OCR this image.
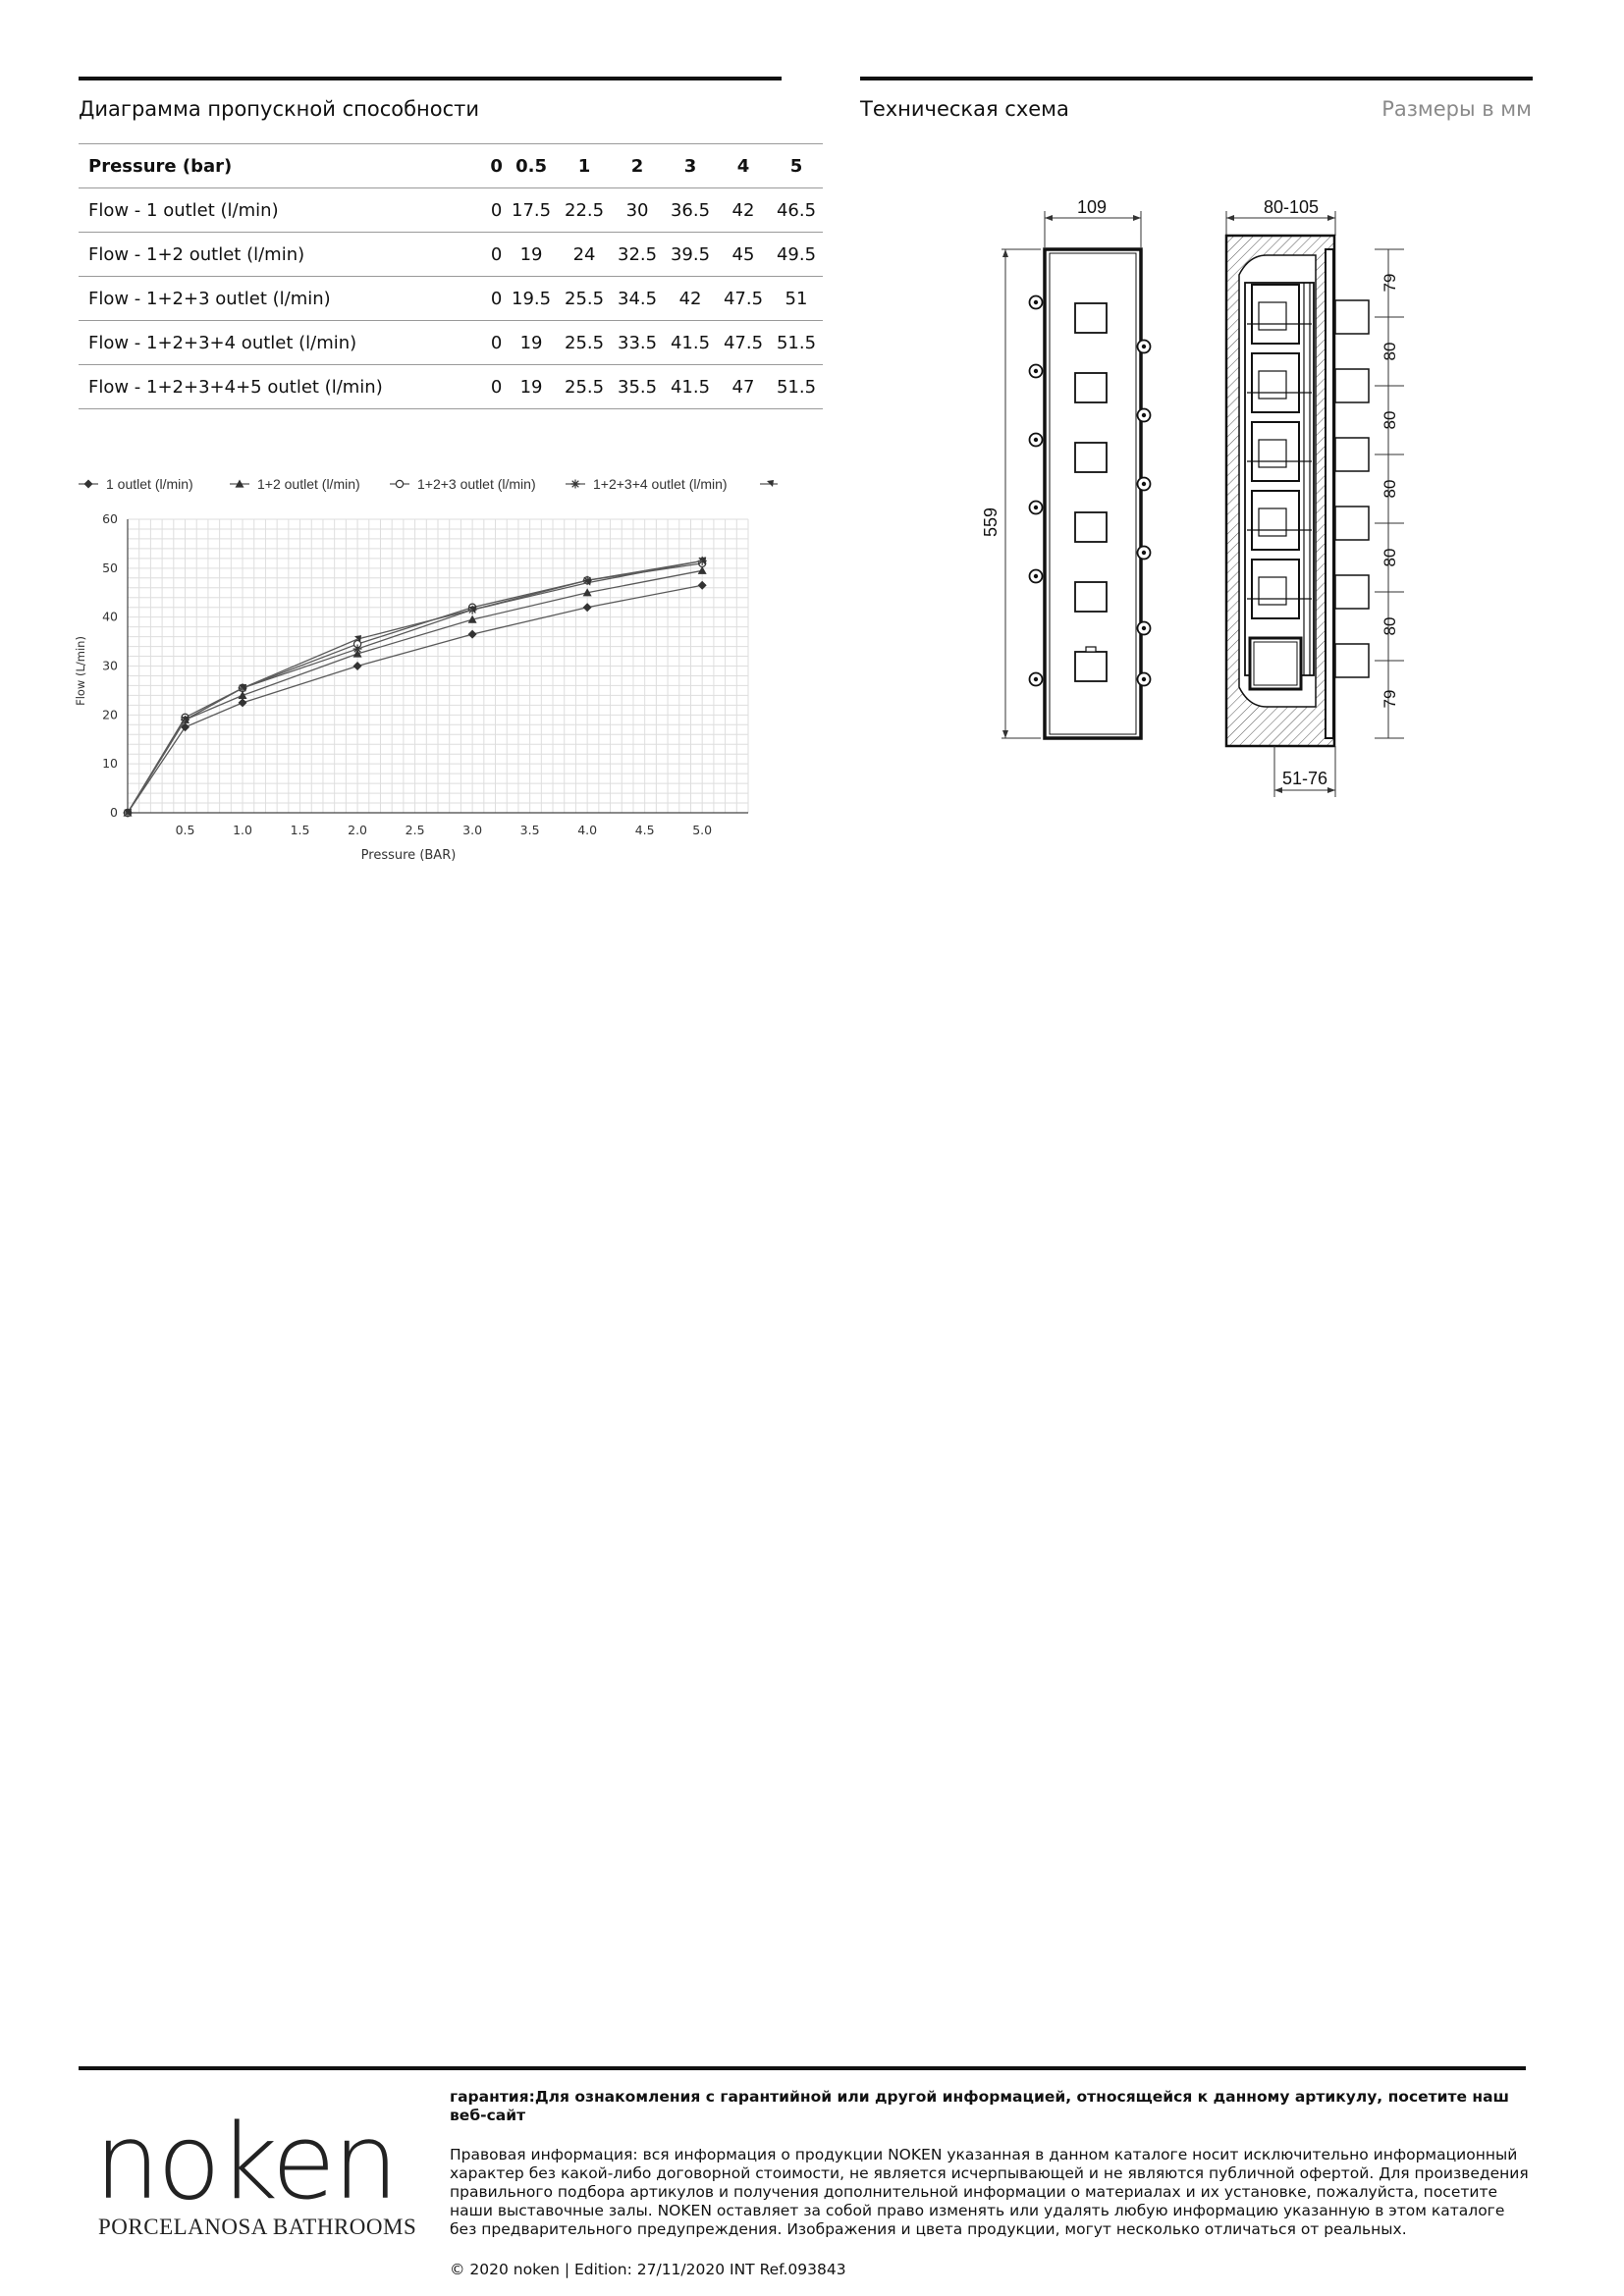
Диаграмма пропускной способности	Техническая схема	Размеры в мм
Pressure (bar)	0	0.5	1	2	3	4	5
Flow - 1 outlet (l/min)	0	17.5	22.5	30	36.5	42	46.5
Flow - 1+2 outlet (l/min)	0	19	24	32.5	39.5	45	49.5
Flow - 1+2+3 outlet (l/min)	0	19.5	25.5	34.5	42	47.5	51
Flow - 1+2+3+4 outlet (l/min)	0	19	25.5	33.5	41.5	47.5	51.5
Flow - 1+2+3+4+5 outlet (l/min)	0	19	25.5	35.5	41.5	47	51.5
0.5	1.0	1.5	2.0	2.5	3.0	3.5	4.0	4.5	5.0
0
10
20
30
40
50
60
Pressure (BAR)
Flow (L/min)
1 outlet (l/min)	1+2 outlet (l/min)	1+2+3 outlet (l/min)	1+2+3+4 outlet (l/min)
109
559
80-105
79
80
80
80
80
80
79
51-76
noken
PORCELANOSA BATHROOMS
гарантия:Для ознакомления с гарантийной или другой информацией, относящейся к данному артикулу, посетите наш веб-сайт
Правовая информация: вся информация о продукции NOKEN указанная в данном каталоге носит исключительно информационный характер без какой-либо договорной стоимости, не является исчерпывающей и не являются публичной офертой. Для произведения правильного подбора артикулов и получения дополнительной информации о материалах и их установке, пожалуйста, посетите наши выставочные залы. NOKEN оставляет за собой право изменять или удалять любую информацию указанную в этом каталоге без предварительного предупреждения. Изображения и цвета продукции, могут несколько отличаться от реальных.
© 2020 noken | Edition: 27/11/2020 INT Ref.093843
